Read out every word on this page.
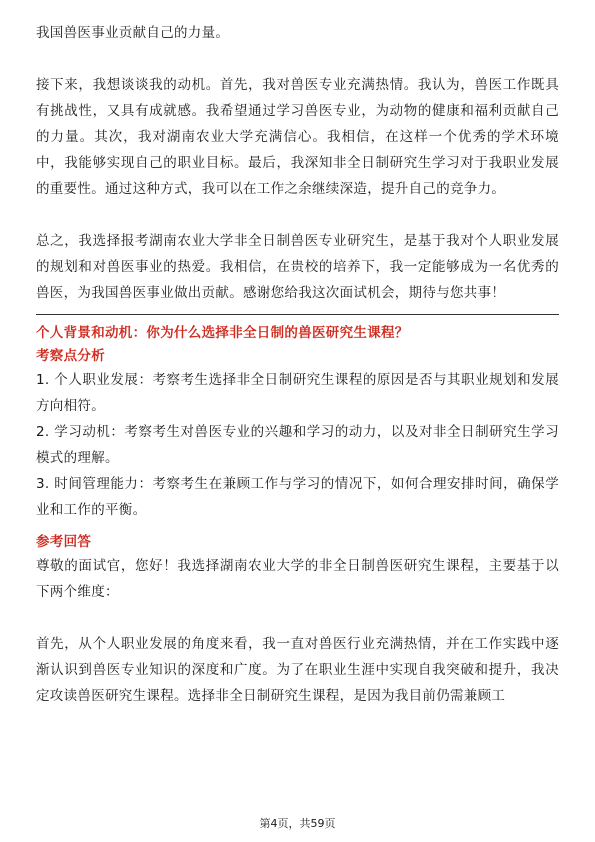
我国兽医事业贡献自己的力量。

接下来，我想谈谈我的动机。首先，我对兽医专业充满热情。我认为，兽医工作既具有挑战性，又具有成就感。我希望通过学习兽医专业，为动物的健康和福利贡献自己的力量。其次，我对湖南农业大学充满信心。我相信，在这样一个优秀的学术环境中，我能够实现自己的职业目标。最后，我深知非全日制研究生学习对于我职业发展的重要性。通过这种方式，我可以在工作之余继续深造，提升自己的竞争力。

总之，我选择报考湖南农业大学非全日制兽医专业研究生，是基于我对个人职业发展的规划和对兽医事业的热爱。我相信，在贵校的培养下，我一定能够成为一名优秀的兽医，为我国兽医事业做出贡献。感谢您给我这次面试机会，期待与您共事！

个人背景和动机：你为什么选择非全日制的兽医研究生课程？

考察点分析

1. 个人职业发展：考察考生选择非全日制研究生课程的原因是否与其职业规划和发展方向相符。

2. 学习动机：考察考生对兽医专业的兴趣和学习的动力，以及对非全日制研究生学习模式的理解。

3. 时间管理能力：考察考生在兼顾工作与学习的情况下，如何合理安排时间，确保学业和工作的平衡。

参考回答

尊敬的面试官，您好！我选择湖南农业大学的非全日制兽医研究生课程，主要基于以下两个维度：

首先，从个人职业发展的角度来看，我一直对兽医行业充满热情，并在工作实践中逐渐认识到兽医专业知识的深度和广度。为了在职业生涯中实现自我突破和提升，我决定攻读兽医研究生课程。选择非全日制研究生课程，是因为我目前仍需兼顾工

第4页，共59页
